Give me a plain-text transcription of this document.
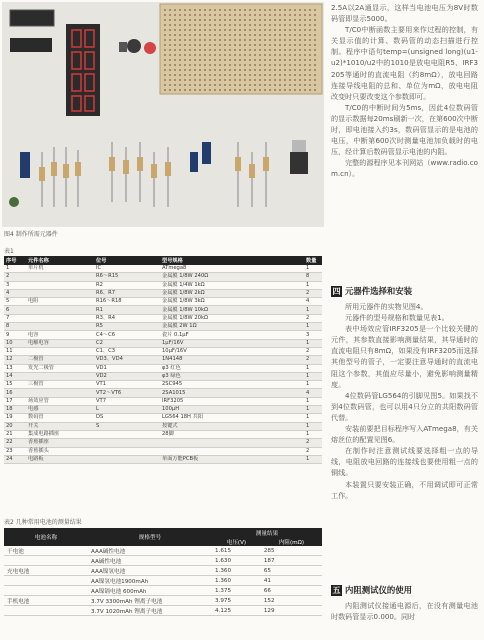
图4 制作所需元器件
表1
序号	元件名称	位号	型号规格	数量
1	单片机	IC	ATmega8	1
2		R6～R15	金属膜 1/8W 240Ω	8
3		R2	金属膜 1/4W 1kΩ	1
4		R6、R7	金属膜 1/8W 2kΩ	2
5	电阻	R16～R18	金属膜 1/8W 3kΩ	4
6		R1	金属膜 1/8W 10kΩ	1
7		R3、R4	金属膜 1/8W 20kΩ	2
8		R5	金属膜 2W 1Ω	1
9	电容	C4～C6	瓷片 0.1μF	3
10	电解电容	C2	1μF/16V	1
11		C1、C3	10μF/16V	2
12	二极管	VD3、VD4	1N4148	2
13	发光二极管	VD1	φ3 红色	1
14		VD2	φ3 绿色	1
15	三极管	VT1	2SC945	1
16		VT2～VT6	2SA1015	4
17	场效应管	VT7	IRF3205	1
18	电感	L	100μH	1
19	数码管	DS	LG564 18H 共阳	1
20	开关	S	按键式	1
21	集成电路插座		28脚	1
22	香蕉插座			2
23	香蕉插头			2
24	电路板		单面万能PCB板	1
表2 几种常用电池的测量结果
电池名称	规格型号	测量结果	
		电压(V)	内阻(mΩ)
干电池	AAA碱性电池	1.615	285
	AA碱性电池	1.630	187
充电电池	AAA镍氢电池	1.360	65
	AA镍氢电池1900mAh	1.360	41
	AA镍镉电池 600mAh	1.375	66
手机电池	3.7V 3300mAh 锂离子电池	3.975	152
	3.7V 1020mAh 锂离子电池	4.125	129

2.5A以2A通显示，这样当电池电压为8V时数码管即显示5000。

T/C0中断函数主要用来作过程的控制，有关显示值的计算、数码管的动态扫描进行控制。程序中语句temp=(unsigned long)(u1-u2)*1010/u2中的1010是放电电阻R5、IRF3205等通时的直流电阻（约8mΩ），放电回路连接导线电阻的总和、单位为mΩ，放电电阻改变时只要改变这个参数即可。

T/C0的中断时间为5ms，因此4位数码管的显示数据每20ms刷新一次，在第600次中断时，即电池接入约3s，数码管显示的是电池的电压，中断第600次时测量电池加负载时的电压，经计算后数码管显示电池的内阻。

完整的源程序见本刊网站（www.radio.com.cn）。

四 元器件选择和安装

所用元器件的实物见图4。

元器件的型号规格和数量见表1。

表中场效应管IRF3205是一个比较关键的元件，其参数直接影响测量结果，其导通时的直流电阻只有8mΩ，如果没有IRF3205而选择其他型号的管子，一定要注意导通时的直流电阻这个参数，其值应尽量小，避免影响测量精度。

4位数码管LG564的引脚见图5。如果找不到4位数码管，也可以用4只分立的共阳数码管代替。

安装前要把目标程序写入ATmega8，有关熔丝位的配置见图6。

在制作时注意测试线要选择粗一点的导线，电阻放电回路的连接线也要使用粗一点的铜线。

本装置只要安装正确，不用调试即可正常工作。

五 内阻测试仪的使用

内阻测试仪接通电源后，在没有测量电池时数码管显示0.000。同时
